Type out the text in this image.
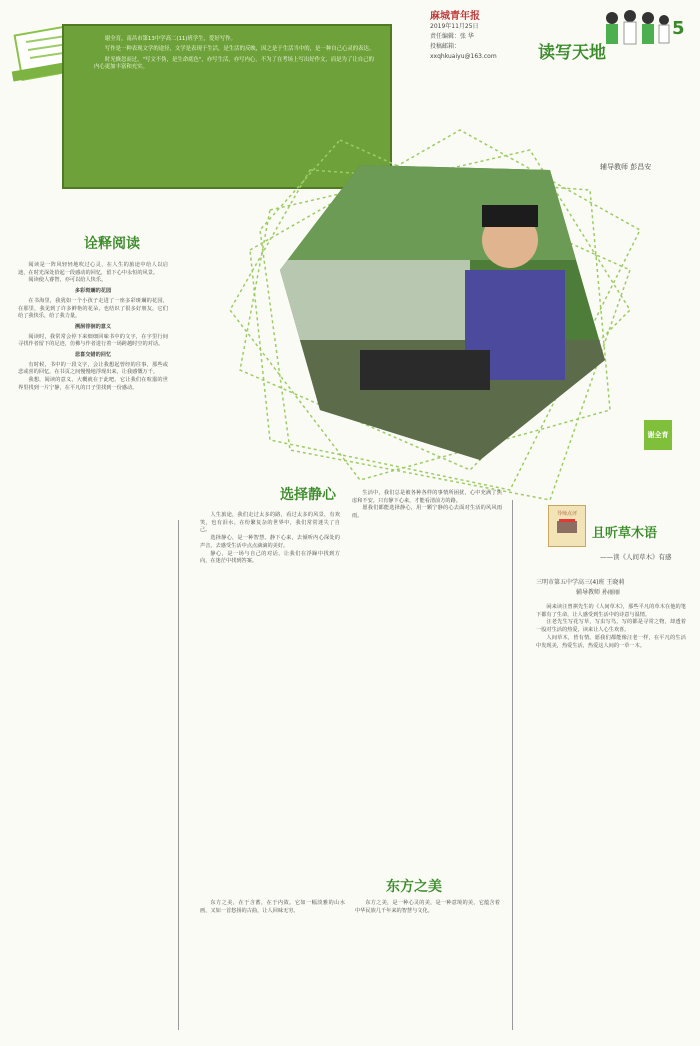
谢全育，南昌市第13中学高二(11)班学生，爱好写作。

写作是一种表现文学的途径，文学是表现于生活，是生活的反映，因之是于生活当中的，是一种自己心灵的表达。

时光倏忽而过，"写文不伪，是生命底色"，亦写生活，亦写内心，不为了在考场上写出好作文，而是为了让自己的内心更加丰富和充实。

麻城青年报
2019年11月25日
责任编辑：张 华
投稿邮箱：
xxqhkuaiyu@163.com	读写天地
5
辅导教师 彭昌安
谢全育
诠释阅读

阅读是一阵风轻轻地吹过心灵，在人生的旅途中给人以启迪，在时光深处拾起一段感动的回忆，留下心中永恒的风景。

阅读使人睿智，亦可以给人快乐。

多彩斑斓的花园

在书海里，我犹如一个小孩子走进了一座多彩斑斓的花园，在那里，我见到了许多鲜艳的花朵，也结识了很多好朋友，它们给了我快乐，给了我力量。

溯洄徘徊的意义

阅读时，我常常会停下来细细回味书中的文字，在字里行间寻找作者留下的足迹，仿佛与作者进行着一场跨越时空的对话。

悲喜交错的回忆

有时候，书中的一段文字，会让我想起曾经的往事，那些或悲或喜的回忆，在书页之间慢慢地浮现出来，让我感慨万千。

我想，阅读的意义，大概就在于此吧。它让我们在喧嚣的世界里找到一片宁静，在平凡的日子里找到一份感动。

选择静心

人生旅途，我们走过太多的路，看过太多的风景，有欢笑，也有泪水。在纷繁复杂的世界中，我们常常迷失了自己。

选择静心，是一种智慧。静下心来，去倾听内心深处的声音，去感受生活中点点滴滴的美好。

静心，是一场与自己的对话，让我们在浮躁中找到方向，在迷茫中找到答案。

生活中，我们总是被各种各样的事情所困扰，心中充满了焦虑和不安。只有静下心来，才能看清前方的路。

愿我们都能选择静心，用一颗宁静的心去面对生活的风风雨雨。

东方之美

东方之美，在于含蓄，在于内敛。它如一幅淡雅的山水画，又如一首悠扬的古曲，让人回味无穷。

东方之美，是一种心灵的美，是一种意境的美，它蕴含着中华民族几千年来的智慧与文化。

导师点评
且听草木语
——读《人间草木》有感
三明市第五中学高三(4)班 王晓莉
辅导教师 孙丽丽

闲来读汪曾祺先生的《人间草木》，那些平凡的草木在他的笔下都有了生命，让人感受到生活中的诗意与温情。

汪老先生写花写草，写虫写鸟，写的都是寻常之物，却透着一股对生活的热爱，读来让人心生欢喜。

人间草木，皆有情。愿我们都能像汪老一样，在平凡的生活中发现美，热爱生活，热爱这人间的一草一木。
